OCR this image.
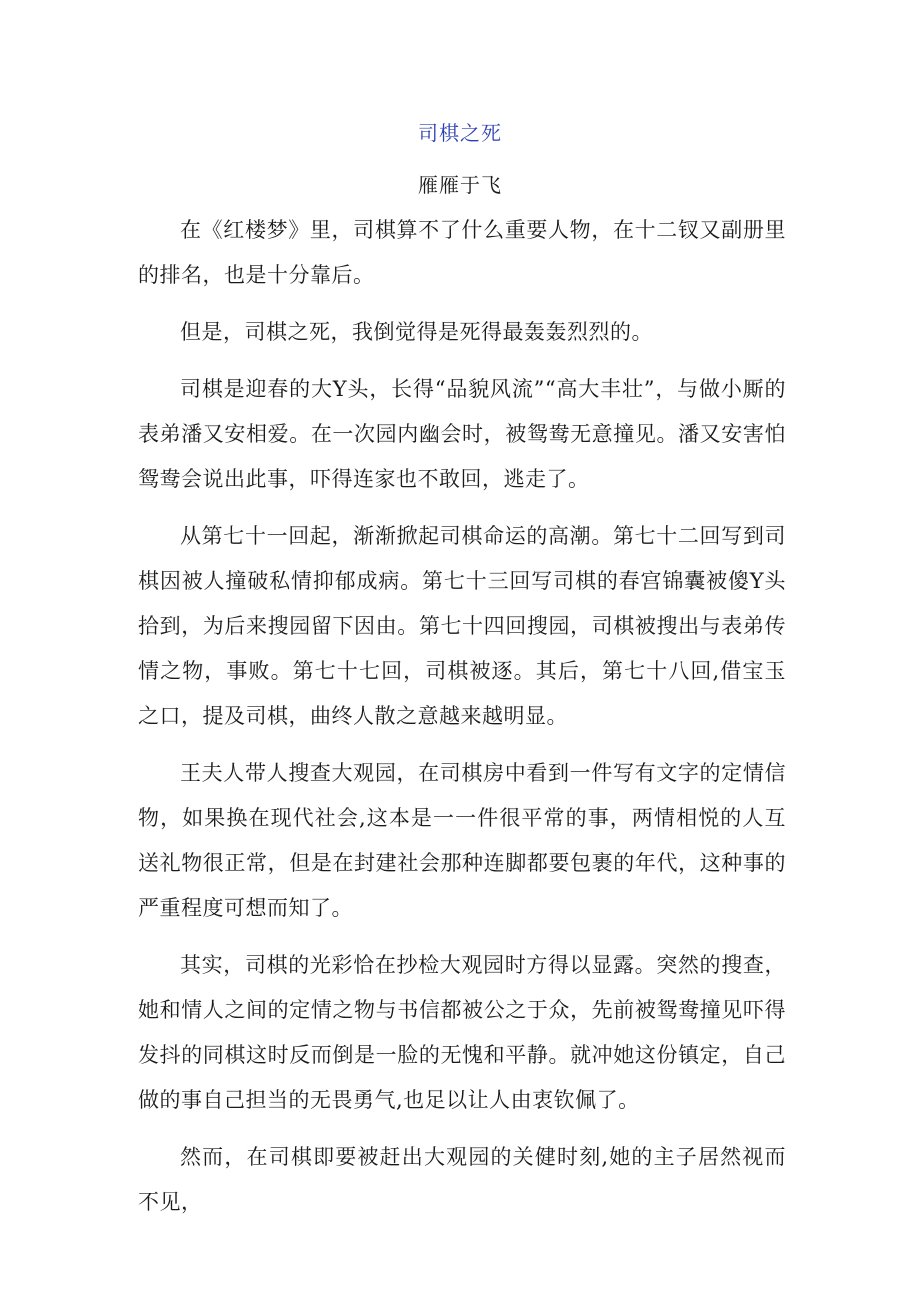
司棋之死
雁雁于飞

在《红楼梦》里，司棋算不了什么重要人物，在十二钗又副册里的排名，也是十分靠后。

但是，司棋之死，我倒觉得是死得最轰轰烈烈的。

司棋是迎春的大Y头，长得“品貌风流”“高大丰壮”，与做小厮的表弟潘又安相爱。在一次园内幽会时，被鸳鸯无意撞见。潘又安害怕鸳鸯会说出此事，吓得连家也不敢回，逃走了。

从第七十一回起，渐渐掀起司棋命运的高潮。第七十二回写到司棋因被人撞破私情抑郁成病。第七十三回写司棋的春宫锦囊被傻Y头拾到，为后来搜园留下因由。第七十四回搜园，司棋被搜出与表弟传情之物，事败。第七十七回，司棋被逐。其后，第七十八回,借宝玉之口，提及司棋，曲终人散之意越来越明显。

王夫人带人搜查大观园，在司棋房中看到一件写有文字的定情信物，如果换在现代社会,这本是一一件很平常的事，两情相悦的人互送礼物很正常，但是在封建社会那种连脚都要包裹的年代，这种事的严重程度可想而知了。

其实，司棋的光彩恰在抄检大观园时方得以显露。突然的搜查，她和情人之间的定情之物与书信都被公之于众，先前被鸳鸯撞见吓得发抖的同棋这时反而倒是一脸的无愧和平静。就冲她这份镇定，自己做的事自己担当的无畏勇气,也足以让人由衷钦佩了。

然而，在司棋即要被赶出大观园的关健时刻,她的主子居然视而不见，
